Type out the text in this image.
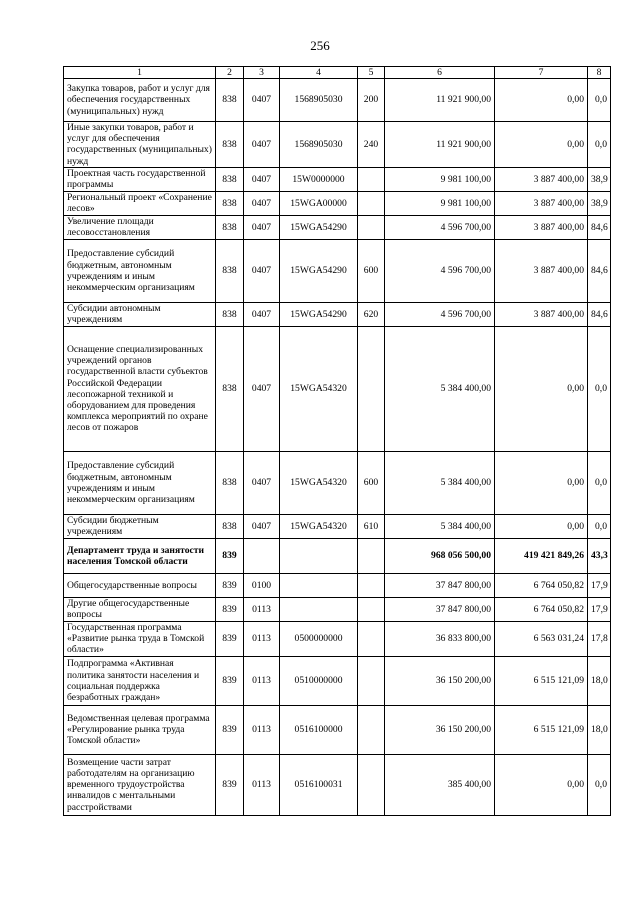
256
1	2	3	4	5	6	7	8
Закупка товаров, работ и услуг для обеспечения государственных (муниципальных) нужд	838	0407	1568905030	200	11 921 900,00	0,00	0,0
Иные закупки товаров, работ и услуг для обеспечения государственных (муниципальных) нужд	838	0407	1568905030	240	11 921 900,00	0,00	0,0
Проектная часть государственной программы	838	0407	15W0000000		9 981 100,00	3 887 400,00	38,9
Региональный проект «Сохранение лесов»	838	0407	15WGA00000		9 981 100,00	3 887 400,00	38,9
Увеличение площади лесовосстановления	838	0407	15WGA54290		4 596 700,00	3 887 400,00	84,6
Предоставление субсидий бюджетным, автономным учреждениям и иным некоммерческим организациям	838	0407	15WGA54290	600	4 596 700,00	3 887 400,00	84,6
Субсидии автономным учреждениям	838	0407	15WGA54290	620	4 596 700,00	3 887 400,00	84,6
Оснащение специализированных учреждений органов государственной власти субъектов Российской Федерации лесопожарной техникой и оборудованием для проведения комплекса мероприятий по охране лесов от пожаров	838	0407	15WGA54320		5 384 400,00	0,00	0,0
Предоставление субсидий бюджетным, автономным учреждениям и иным некоммерческим организациям	838	0407	15WGA54320	600	5 384 400,00	0,00	0,0
Субсидии бюджетным учреждениям	838	0407	15WGA54320	610	5 384 400,00	0,00	0,0
Департамент труда и занятости населения Томской области	839				968 056 500,00	419 421 849,26	43,3
Общегосударственные вопросы	839	0100			37 847 800,00	6 764 050,82	17,9
Другие общегосударственные вопросы	839	0113			37 847 800,00	6 764 050,82	17,9
Государственная программа «Развитие рынка труда в Томской области»	839	0113	0500000000		36 833 800,00	6 563 031,24	17,8
Подпрограмма «Активная политика занятости населения и социальная поддержка безработных граждан»	839	0113	0510000000		36 150 200,00	6 515 121,09	18,0
Ведомственная целевая программа «Регулирование рынка труда Томской области»	839	0113	0516100000		36 150 200,00	6 515 121,09	18,0
Возмещение части затрат работодателям на организацию временного трудоустройства инвалидов с ментальными расстройствами	839	0113	0516100031		385 400,00	0,00	0,0
